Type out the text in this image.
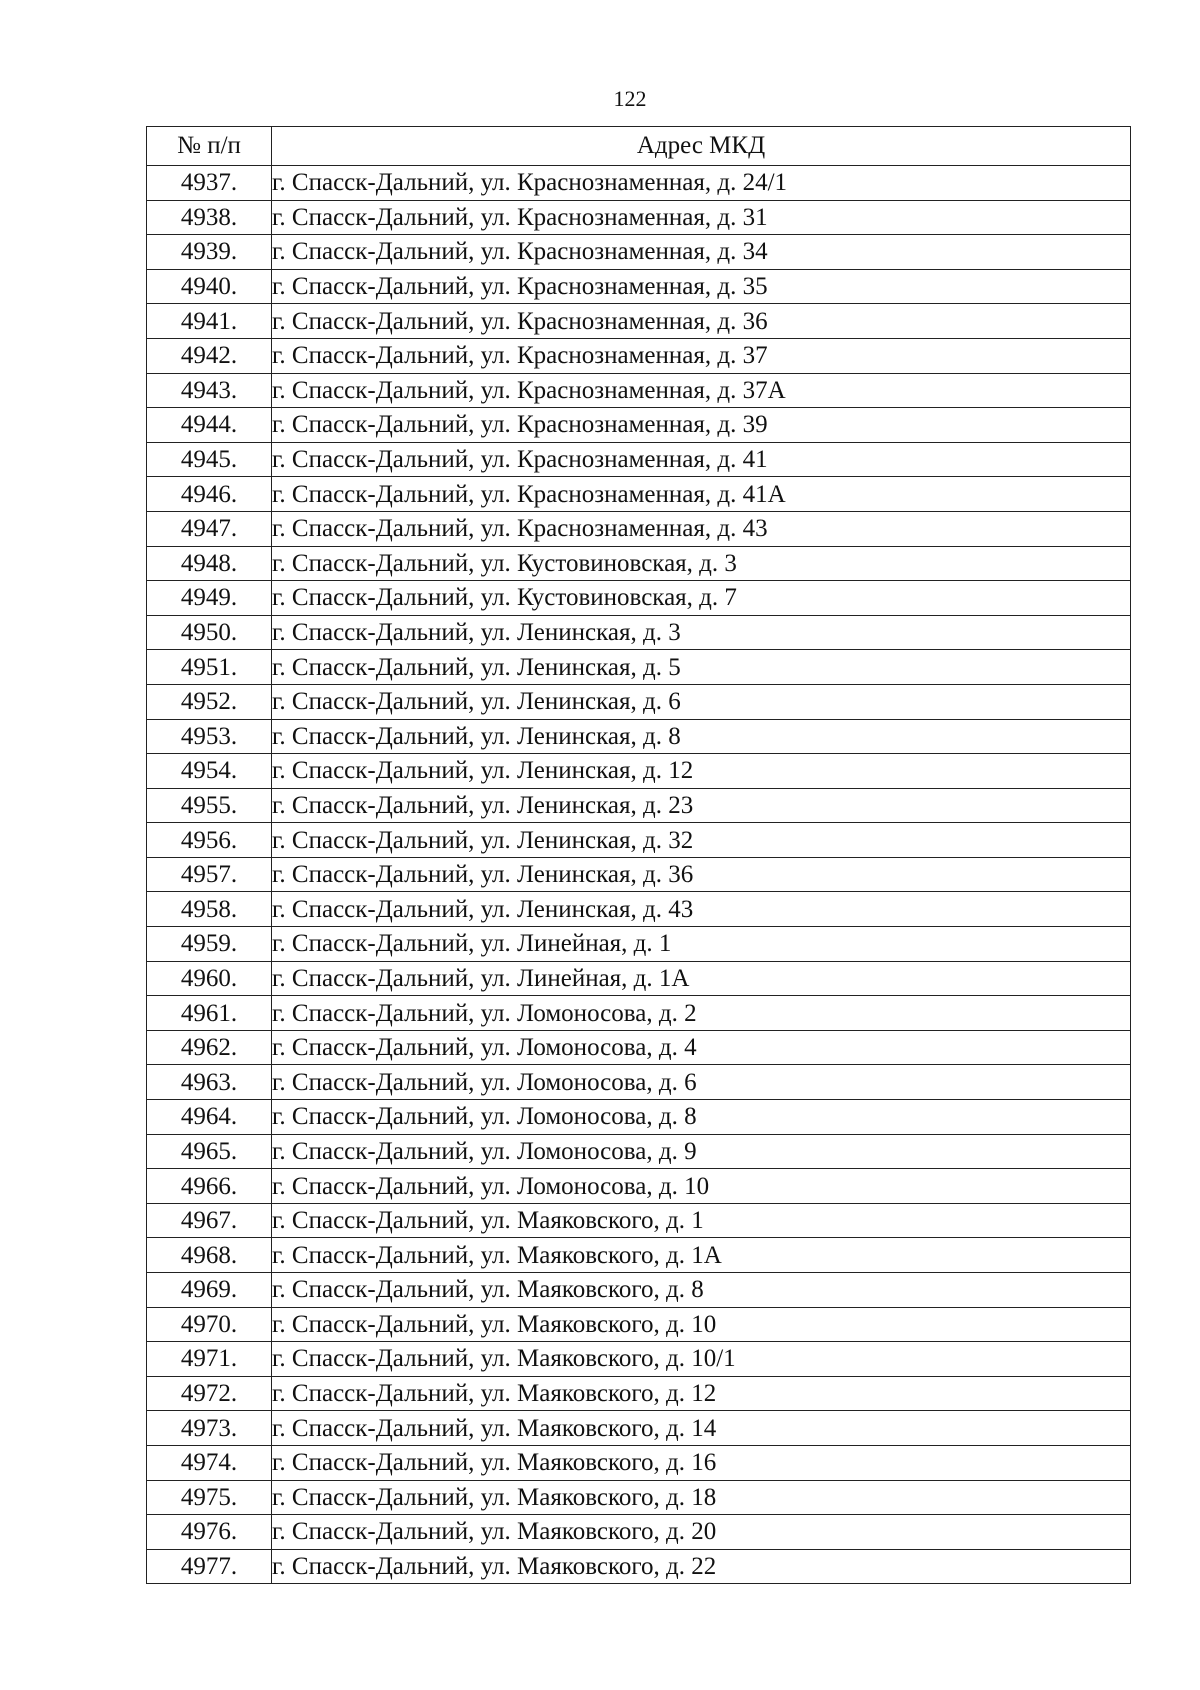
122
№ п/п	Адрес МКД
4937.	г. Спасск-Дальний, ул. Краснознаменная, д. 24/1
4938.	г. Спасск-Дальний, ул. Краснознаменная, д. 31
4939.	г. Спасск-Дальний, ул. Краснознаменная, д. 34
4940.	г. Спасск-Дальний, ул. Краснознаменная, д. 35
4941.	г. Спасск-Дальний, ул. Краснознаменная, д. 36
4942.	г. Спасск-Дальний, ул. Краснознаменная, д. 37
4943.	г. Спасск-Дальний, ул. Краснознаменная, д. 37А
4944.	г. Спасск-Дальний, ул. Краснознаменная, д. 39
4945.	г. Спасск-Дальний, ул. Краснознаменная, д. 41
4946.	г. Спасск-Дальний, ул. Краснознаменная, д. 41А
4947.	г. Спасск-Дальний, ул. Краснознаменная, д. 43
4948.	г. Спасск-Дальний, ул. Кустовиновская, д. 3
4949.	г. Спасск-Дальний, ул. Кустовиновская, д. 7
4950.	г. Спасск-Дальний, ул. Ленинская, д. 3
4951.	г. Спасск-Дальний, ул. Ленинская, д. 5
4952.	г. Спасск-Дальний, ул. Ленинская, д. 6
4953.	г. Спасск-Дальний, ул. Ленинская, д. 8
4954.	г. Спасск-Дальний, ул. Ленинская, д. 12
4955.	г. Спасск-Дальний, ул. Ленинская, д. 23
4956.	г. Спасск-Дальний, ул. Ленинская, д. 32
4957.	г. Спасск-Дальний, ул. Ленинская, д. 36
4958.	г. Спасск-Дальний, ул. Ленинская, д. 43
4959.	г. Спасск-Дальний, ул. Линейная, д. 1
4960.	г. Спасск-Дальний, ул. Линейная, д. 1А
4961.	г. Спасск-Дальний, ул. Ломоносова, д. 2
4962.	г. Спасск-Дальний, ул. Ломоносова, д. 4
4963.	г. Спасск-Дальний, ул. Ломоносова, д. 6
4964.	г. Спасск-Дальний, ул. Ломоносова, д. 8
4965.	г. Спасск-Дальний, ул. Ломоносова, д. 9
4966.	г. Спасск-Дальний, ул. Ломоносова, д. 10
4967.	г. Спасск-Дальний, ул. Маяковского, д. 1
4968.	г. Спасск-Дальний, ул. Маяковского, д. 1А
4969.	г. Спасск-Дальний, ул. Маяковского, д. 8
4970.	г. Спасск-Дальний, ул. Маяковского, д. 10
4971.	г. Спасск-Дальний, ул. Маяковского, д. 10/1
4972.	г. Спасск-Дальний, ул. Маяковского, д. 12
4973.	г. Спасск-Дальний, ул. Маяковского, д. 14
4974.	г. Спасск-Дальний, ул. Маяковского, д. 16
4975.	г. Спасск-Дальний, ул. Маяковского, д. 18
4976.	г. Спасск-Дальний, ул. Маяковского, д. 20
4977.	г. Спасск-Дальний, ул. Маяковского, д. 22
